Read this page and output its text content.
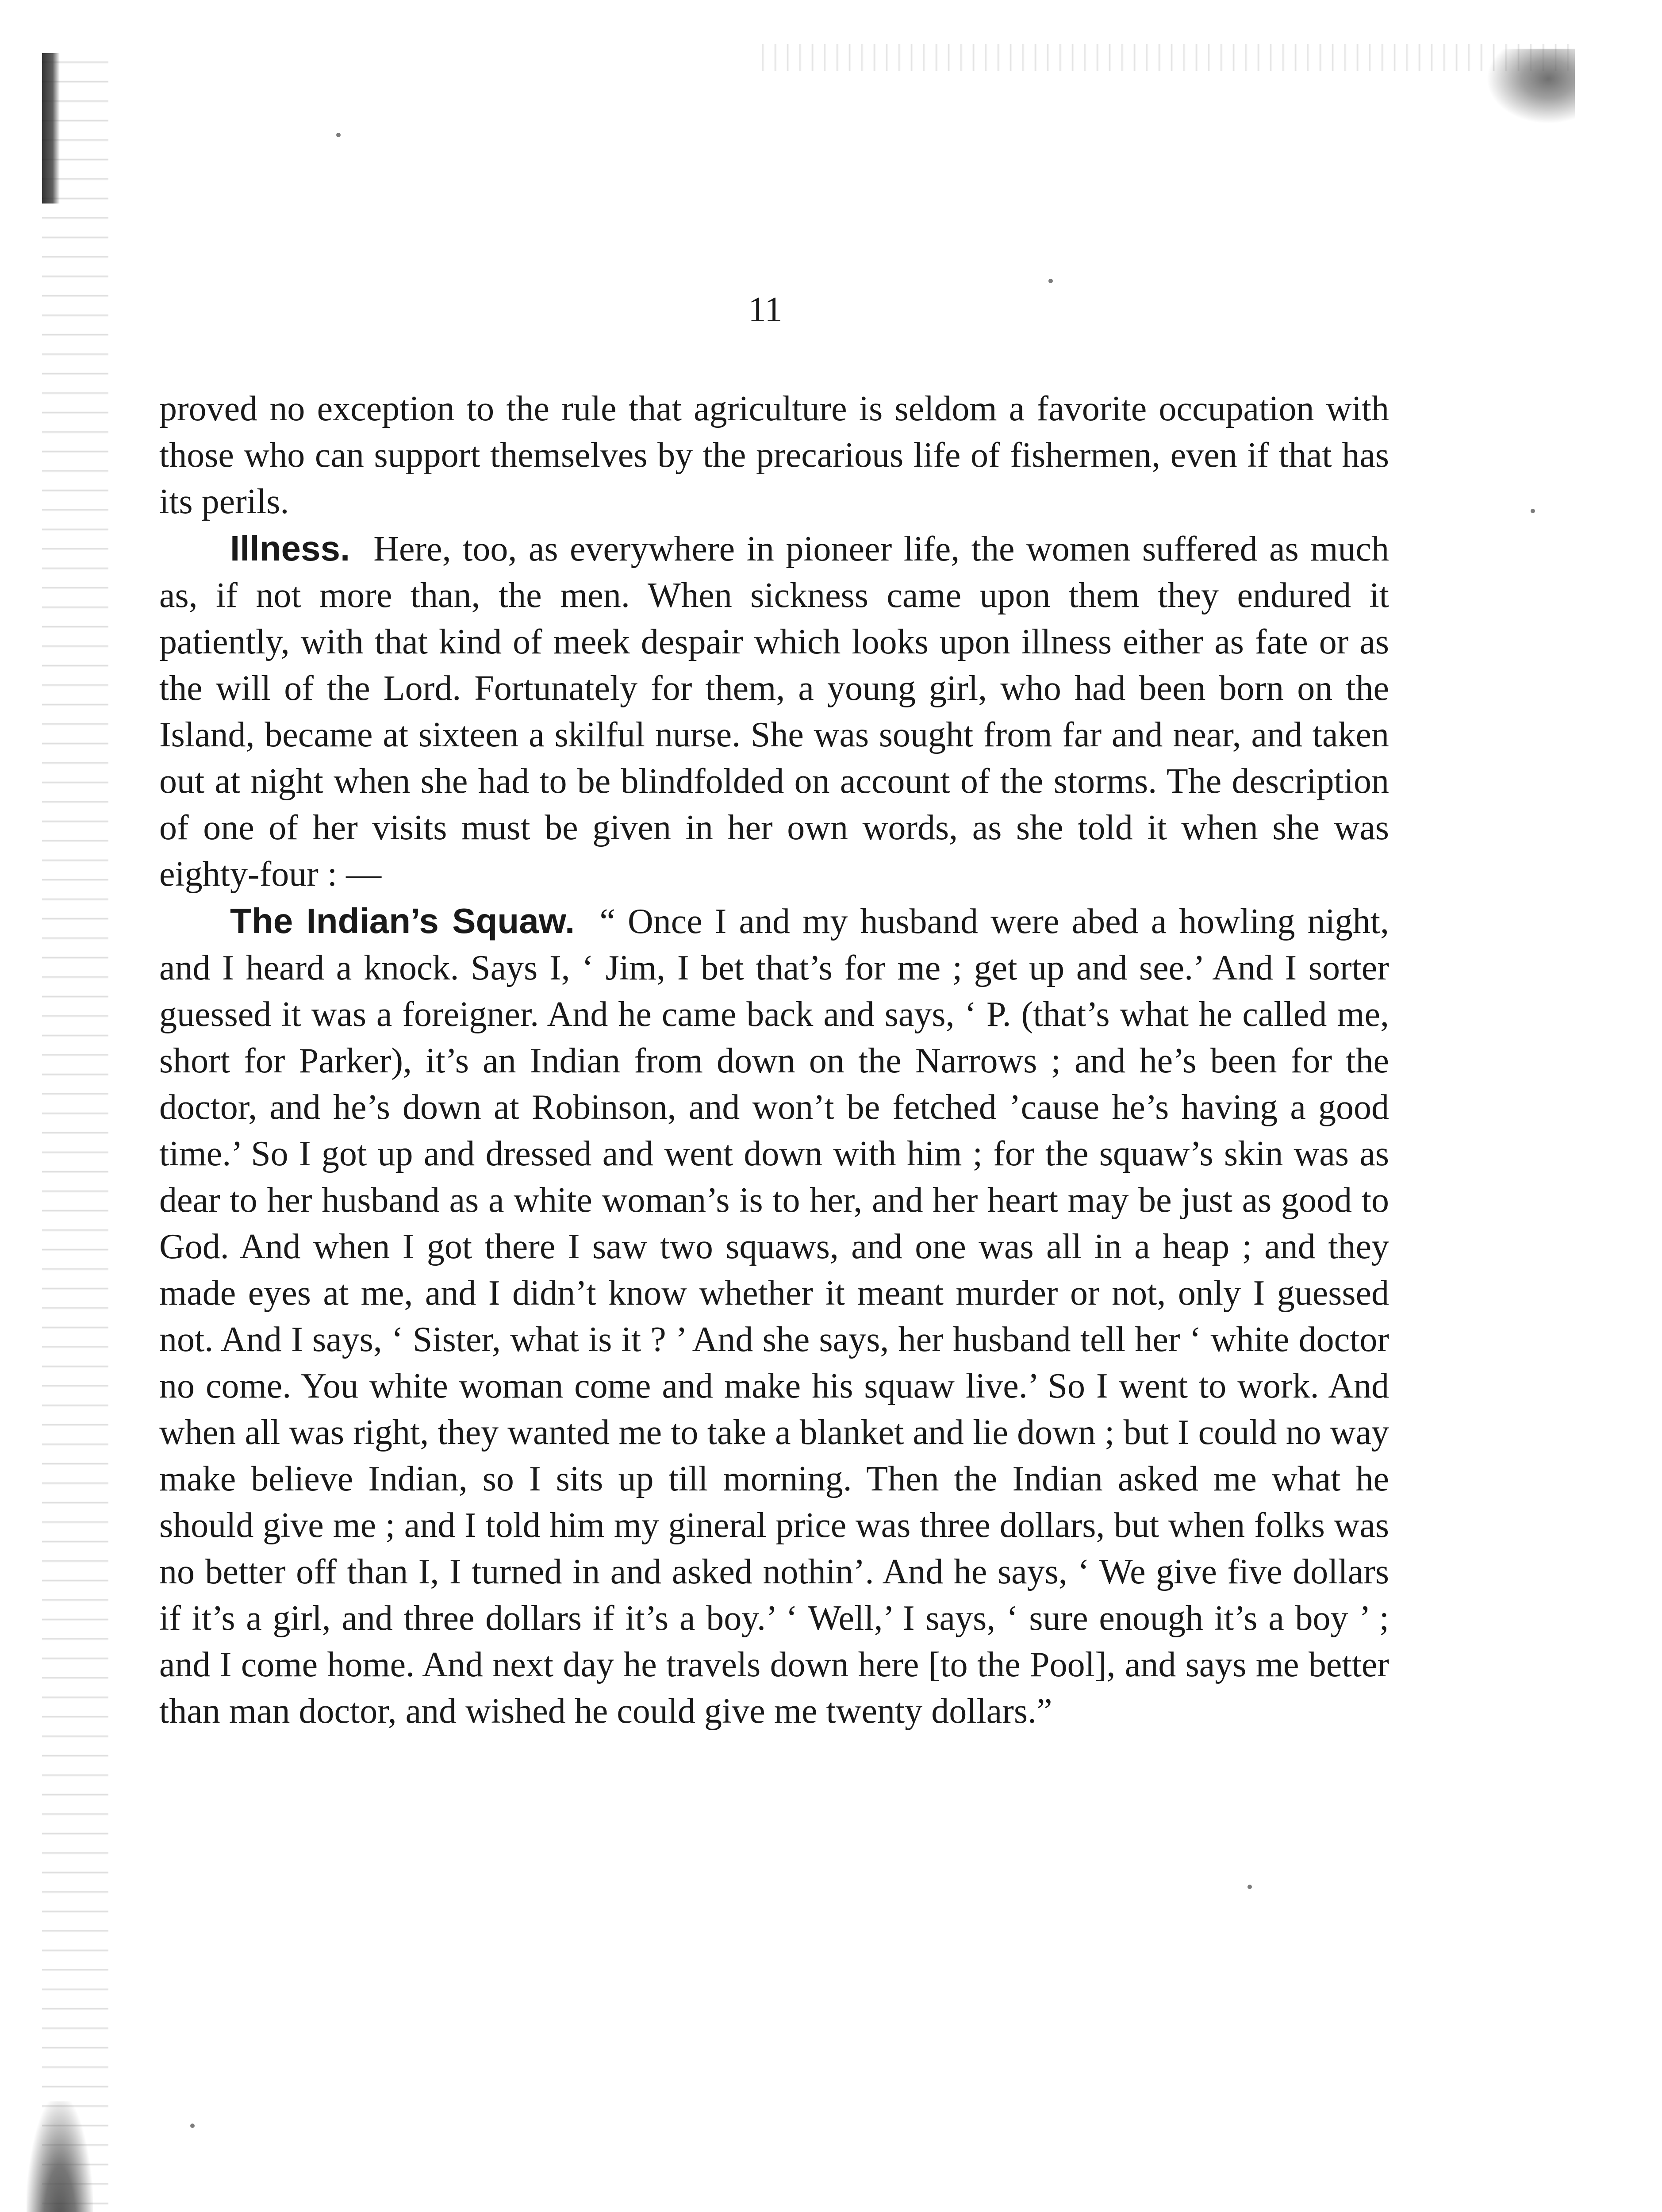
11

proved no exception to the rule that agriculture is seldom a favorite occupation with those who can support themselves by the precarious life of fishermen, even if that has its perils.

Illness. Here, too, as everywhere in pioneer life, the women suffered as much as, if not more than, the men. When sickness came upon them they endured it patiently, with that kind of meek despair which looks upon illness either as fate or as the will of the Lord. Fortunately for them, a young girl, who had been born on the Island, became at sixteen a skilful nurse. She was sought from far and near, and taken out at night when she had to be blindfolded on account of the storms. The description of one of her visits must be given in her own words, as she told it when she was eighty-four : —

The Indian’s Squaw. “ Once I and my husband were abed a howling night, and I heard a knock. Says I, ‘ Jim, I bet that’s for me ; get up and see.’ And I sorter guessed it was a foreigner. And he came back and says, ‘ P. (that’s what he called me, short for Parker), it’s an Indian from down on the Narrows ; and he’s been for the doctor, and he’s down at Robinson, and won’t be fetched ’cause he’s having a good time.’ So I got up and dressed and went down with him ; for the squaw’s skin was as dear to her husband as a white woman’s is to her, and her heart may be just as good to God. And when I got there I saw two squaws, and one was all in a heap ; and they made eyes at me, and I didn’t know whether it meant murder or not, only I guessed not. And I says, ‘ Sister, what is it ? ’ And she says, her husband tell her ‘ white doctor no come. You white woman come and make his squaw live.’ So I went to work. And when all was right, they wanted me to take a blanket and lie down ; but I could no way make believe Indian, so I sits up till morning. Then the Indian asked me what he should give me ; and I told him my gineral price was three dollars, but when folks was no better off than I, I turned in and asked nothin’. And he says, ‘ We give five dollars if it’s a girl, and three dollars if it’s a boy.’ ‘ Well,’ I says, ‘ sure enough it’s a boy ’ ; and I come home. And next day he travels down here [to the Pool], and says me better than man doctor, and wished he could give me twenty dollars.”
